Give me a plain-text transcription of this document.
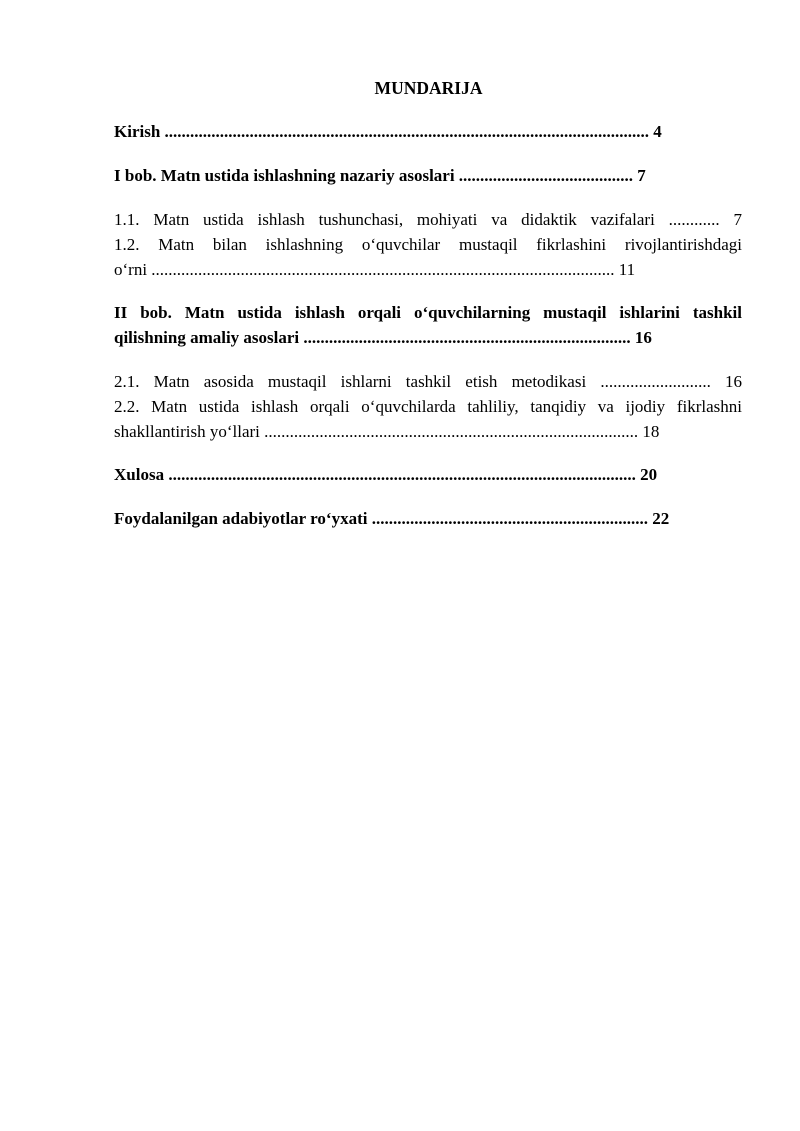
MUNDARIJA
Kirish .................................................................................................................. 4
I bob. Matn ustida ishlashning nazariy asoslari ......................................... 7
1.1. Matn ustida ishlash tushunchasi, mohiyati va didaktik vazifalari ............ 7
1.2. Matn bilan ishlashning o‘quvchilar mustaqil fikrlashini rivojlantirishdagi
o‘rni ............................................................................................................. 11
II bob. Matn ustida ishlash orqali o‘quvchilarning mustaqil ishlarini tashkil
qilishning amaliy asoslari ............................................................................. 16
2.1. Matn asosida mustaqil ishlarni tashkil etish metodikasi .......................... 16
2.2. Matn ustida ishlash orqali o‘quvchilarda tahliliy, tanqidiy va ijodiy fikrlashni
shakllantirish yo‘llari ........................................................................................ 18
Xulosa .............................................................................................................. 20
Foydalanilgan adabiyotlar ro‘yxati ................................................................. 22
